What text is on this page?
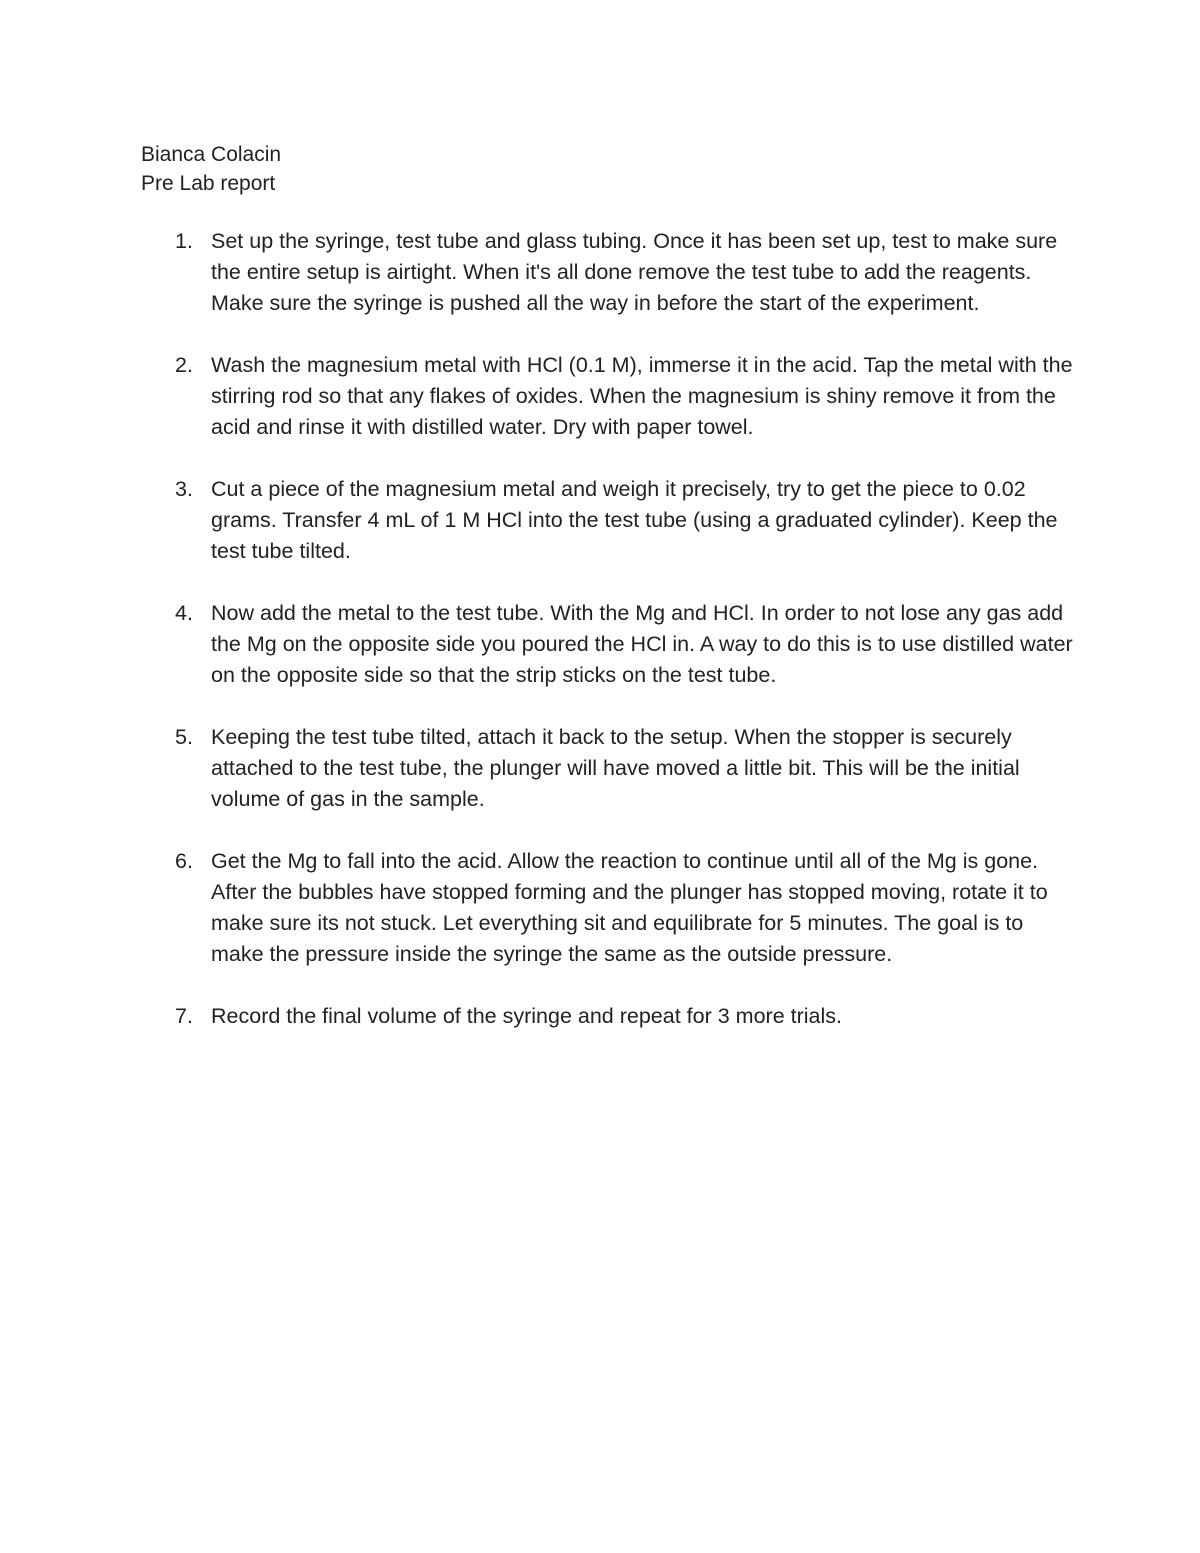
Bianca Colacin
Pre Lab report
1. Set up the syringe, test tube and glass tubing. Once it has been set up, test to make sure the entire setup is airtight. When it's all done remove the test tube to add the reagents. Make sure the syringe is pushed all the way in before the start of the experiment.
2. Wash the magnesium metal with HCl (0.1 M), immerse it in the acid. Tap the metal with the stirring rod so that any flakes of oxides. When the magnesium is shiny remove it from the acid and rinse it with distilled water. Dry with paper towel.
3. Cut a piece of the magnesium metal and weigh it precisely, try to get the piece to 0.02 grams. Transfer 4 mL of 1 M HCl into the test tube (using a graduated cylinder). Keep the test tube tilted.
4. Now add the metal to the test tube. With the Mg and HCl. In order to not lose any gas add the Mg on the opposite side you poured the HCl in. A way to do this is to use distilled water on the opposite side so that the strip sticks on the test tube.
5. Keeping the test tube tilted, attach it back to the setup. When the stopper is securely attached to the test tube, the plunger will have moved a little bit. This will be the initial volume of gas in the sample.
6. Get the Mg to fall into the acid. Allow the reaction to continue until all of the Mg is gone. After the bubbles have stopped forming and the plunger has stopped moving, rotate it to make sure its not stuck. Let everything sit and equilibrate for 5 minutes. The goal is to make the pressure inside the syringe the same as the outside pressure.
7. Record the final volume of the syringe and repeat for 3 more trials.
